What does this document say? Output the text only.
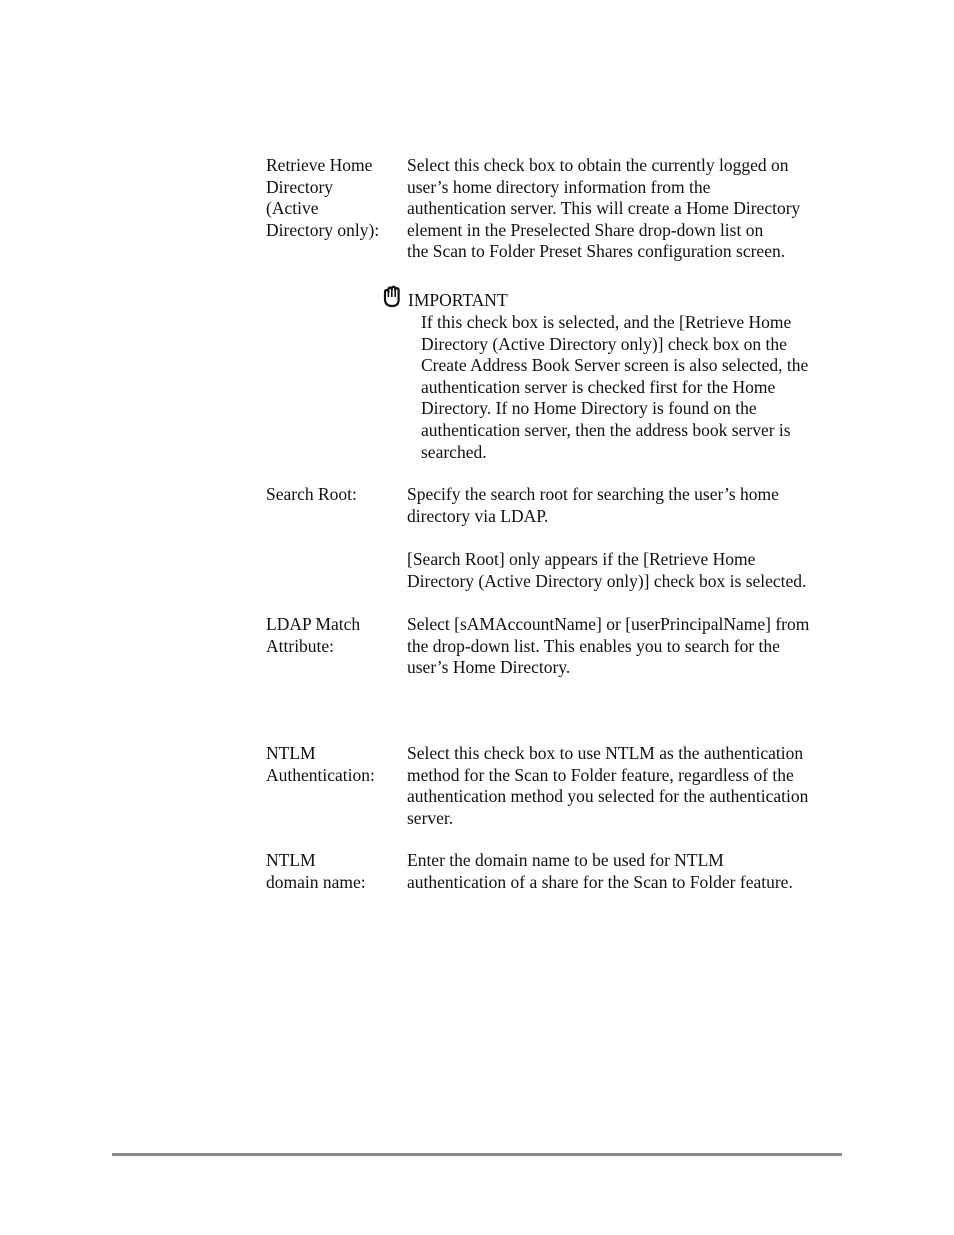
Retrieve Home
Directory
(Active
Directory only):
Select this check box to obtain the currently logged on
user’s home directory information from the
authentication server. This will create a Home Directory
element in the Preselected Share drop-down list on
the Scan to Folder Preset Shares configuration screen.
IMPORTANT
If this check box is selected, and the [Retrieve Home
Directory (Active Directory only)] check box on the
Create Address Book Server screen is also selected, the
authentication server is checked first for the Home
Directory. If no Home Directory is found on the
authentication server, then the address book server is
searched.
Search Root:	Specify the search root for searching the user’s home
directory via LDAP.
[Search Root] only appears if the [Retrieve Home
Directory (Active Directory only)] check box is selected.
LDAP Match
Attribute:
Select [sAMAccountName] or [userPrincipalName] from
the drop-down list. This enables you to search for the
user’s Home Directory.
NTLM
Authentication:
Select this check box to use NTLM as the authentication
method for the Scan to Folder feature, regardless of the
authentication method you selected for the authentication
server.
NTLM
domain name:
Enter the domain name to be used for NTLM
authentication of a share for the Scan to Folder feature.
